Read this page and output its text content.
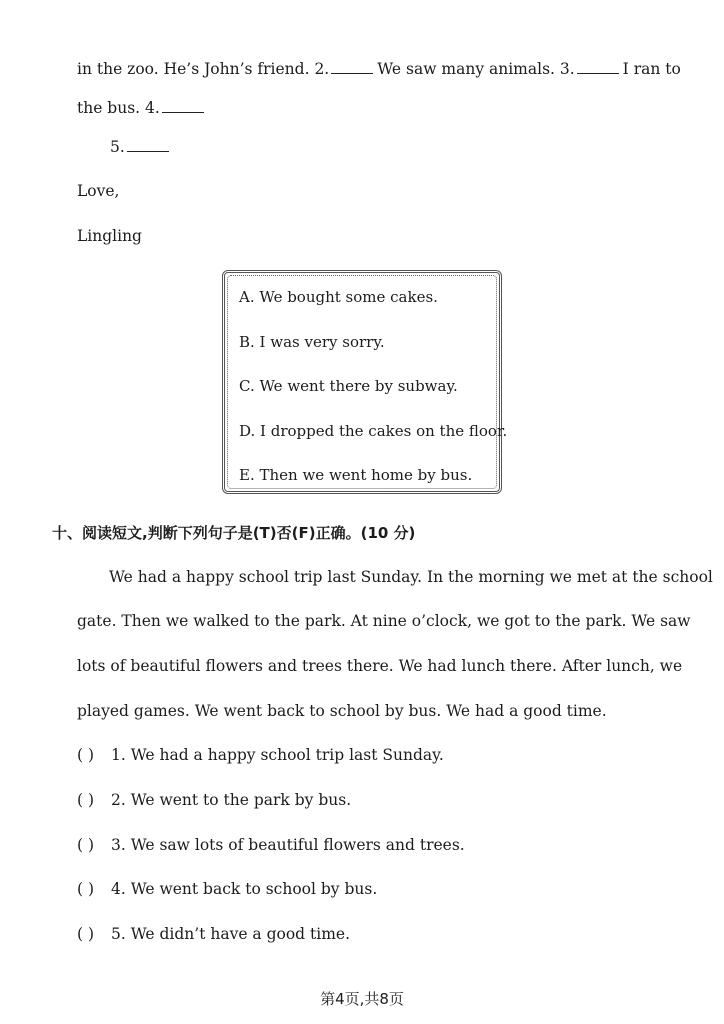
in the zoo. He’s John’s friend. 2.	We saw many animals. 3.	I ran to
the bus. 4.
5.
Love,
Lingling
A. We bought some cakes.
B. I was very sorry.
C. We went there by subway.
D. I dropped the cakes on the floor.
E. Then we went home by bus.
十、阅读短文,判断下列句子是(T)否(F)正确。(10 分)
We had a happy school trip last Sunday. In the morning we met at the school
gate. Then we walked to the park. At nine o’clock, we got to the park. We saw
lots of beautiful flowers and trees there. We had lunch there. After lunch, we
played games. We went back to school by bus. We had a good time.
( ) 1. We had a happy school trip last Sunday.
( ) 2. We went to the park by bus.
( ) 3. We saw lots of beautiful flowers and trees.
( ) 4. We went back to school by bus.
( ) 5. We didn’t have a good time.
第4页,共8页
